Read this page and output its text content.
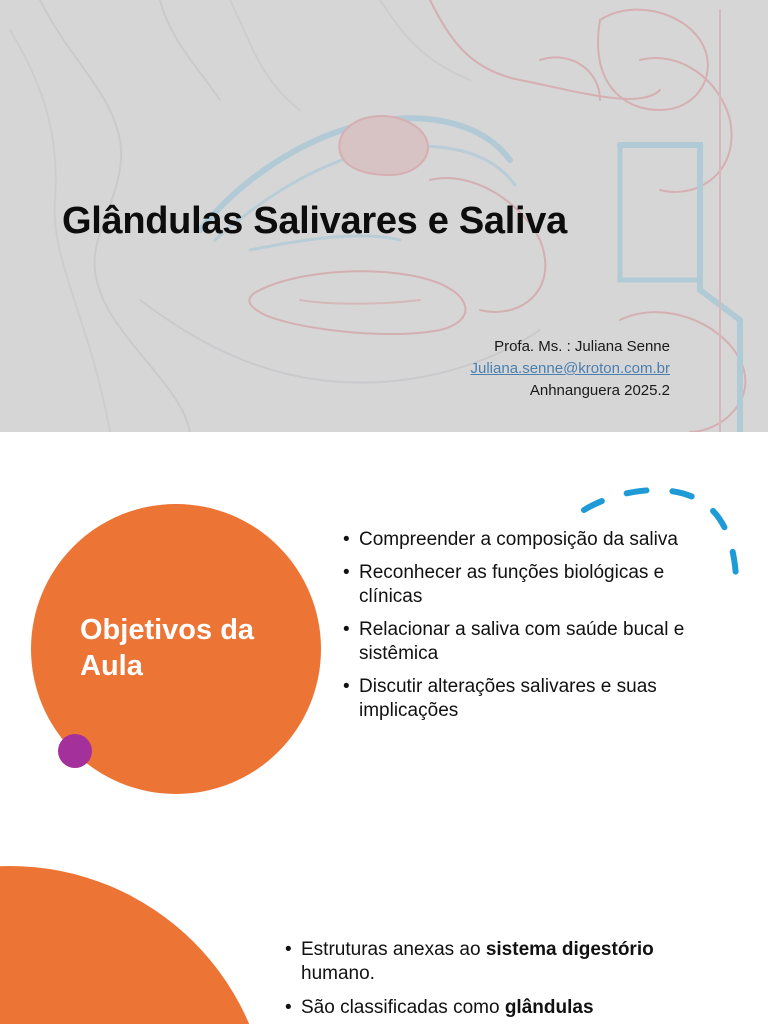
Glândulas Salivares e Saliva
Profa. Ms. : Juliana Senne
Juliana.senne@kroton.com.br
Anhnanguera 2025.2
Objetivos da Aula
• Compreender a composição da saliva
• Reconhecer as funções biológicas e clínicas
• Relacionar a saliva com saúde bucal e sistêmica
• Discutir alterações salivares e suas implicações
• Estruturas anexas ao sistema digestório humano.
• São classificadas como glândulas
